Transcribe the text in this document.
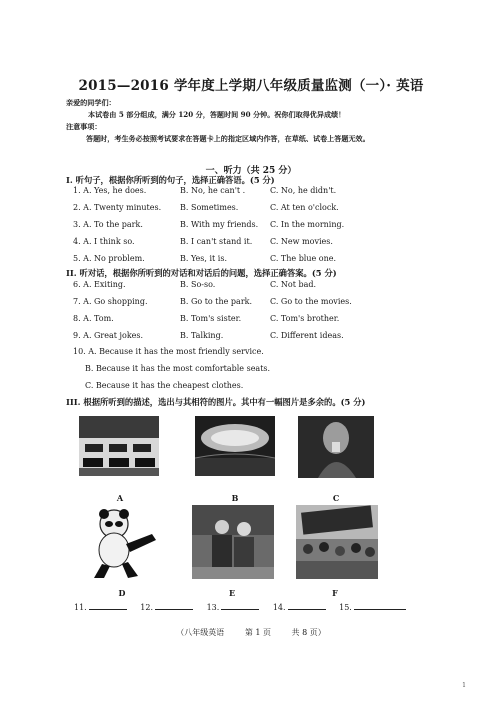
2015—2016 学年度上学期八年级质量监测（一）· 英语
亲爱的同学们：
本试卷由 5 部分组成，满分 120 分，答题时间 90 分钟。祝你们取得优异成绩！
注意事项：
答题时，考生务必按照考试要求在答题卡上的指定区域内作答，在草纸、试卷上答题无效。
一、听力（共 25 分）
I. 听句子，根据你所听到的句子，选择正确答语。(5 分)
1. A. Yes, he does.	B. No, he can't .	C. No, he didn't.
2. A. Twenty minutes. B. Sometimes.	C. At ten o'clock.
3. A. To the park.	B. With my friends. C. In the morning.
4. A. I think so.	B. I can't stand it. C. New movies.
5. A. No problem.	B. Yes, it is.	C. The blue one.
II. 听对话，根据你所听到的对话和对话后的问题，选择正确答案。(5 分)
6. A. Exiting.	B. So-so.	C. Not bad.
7. A. Go shopping.	B. Go to the park. C. Go to the movies.
8. A. Tom.	B. Tom's sister.	C. Tom's brother.
9. A. Great jokes.	B. Talking.	C. Different ideas.
10. A. Because it has the most friendly service.
B. Because it has the most comfortable seats.
C. Because it has the cheapest clothes.
III. 根据所听到的描述，选出与其相符的图片。其中有一幅图片是多余的。(5 分)
A	B	C
D	E	F
11.	12.	13.	14.	15.
（八年级英语	第 1 页	共 8 页）
1
